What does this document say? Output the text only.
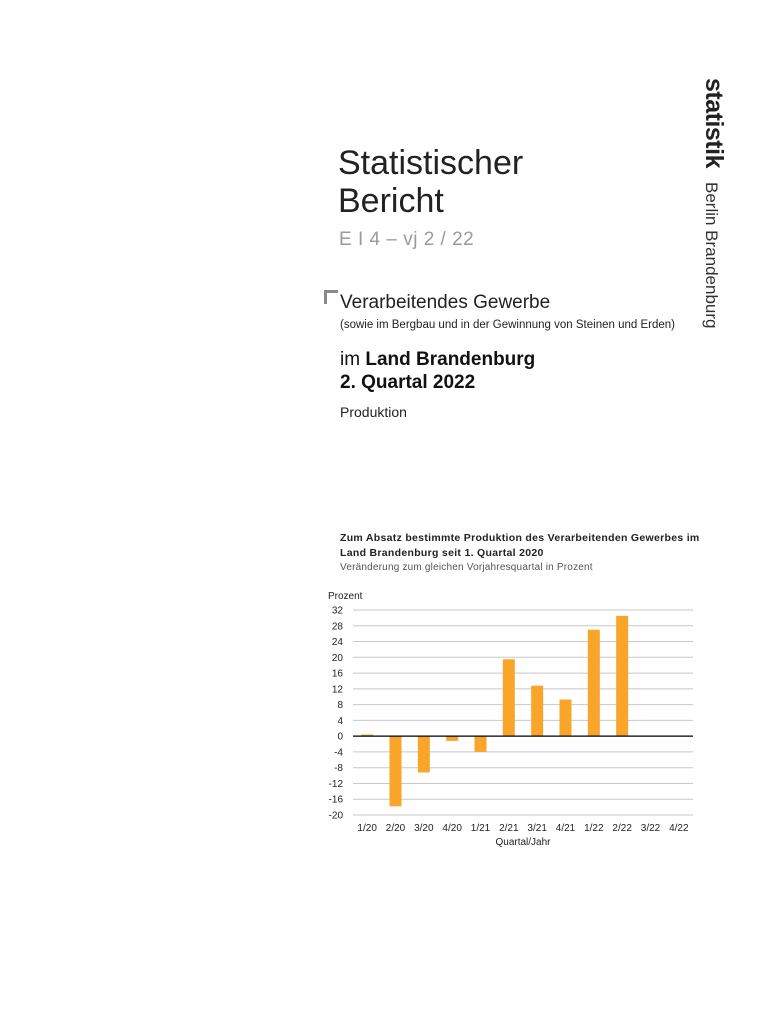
statistik
Berlin Brandenburg
Statistischer
Bericht
E I 4 – vj 2 / 22
Verarbeitendes Gewerbe
(sowie im Bergbau und in der Gewinnung von Steinen und Erden)
im Land Brandenburg
2. Quartal 2022
Produktion
Zum Absatz bestimmte Produktion des Verarbeitenden Gewerbes im Land Brandenburg seit 1. Quartal 2020
Veränderung zum gleichen Vorjahresquartal in Prozent
Prozent
32
28
24
20
16
12
8
4
0
-4
-8
-12
-16
-20
1/20 2/20 3/20 4/20 1/21 2/21 3/21 4/21 1/22 2/22 3/22 4/22
Quartal/Jahr
